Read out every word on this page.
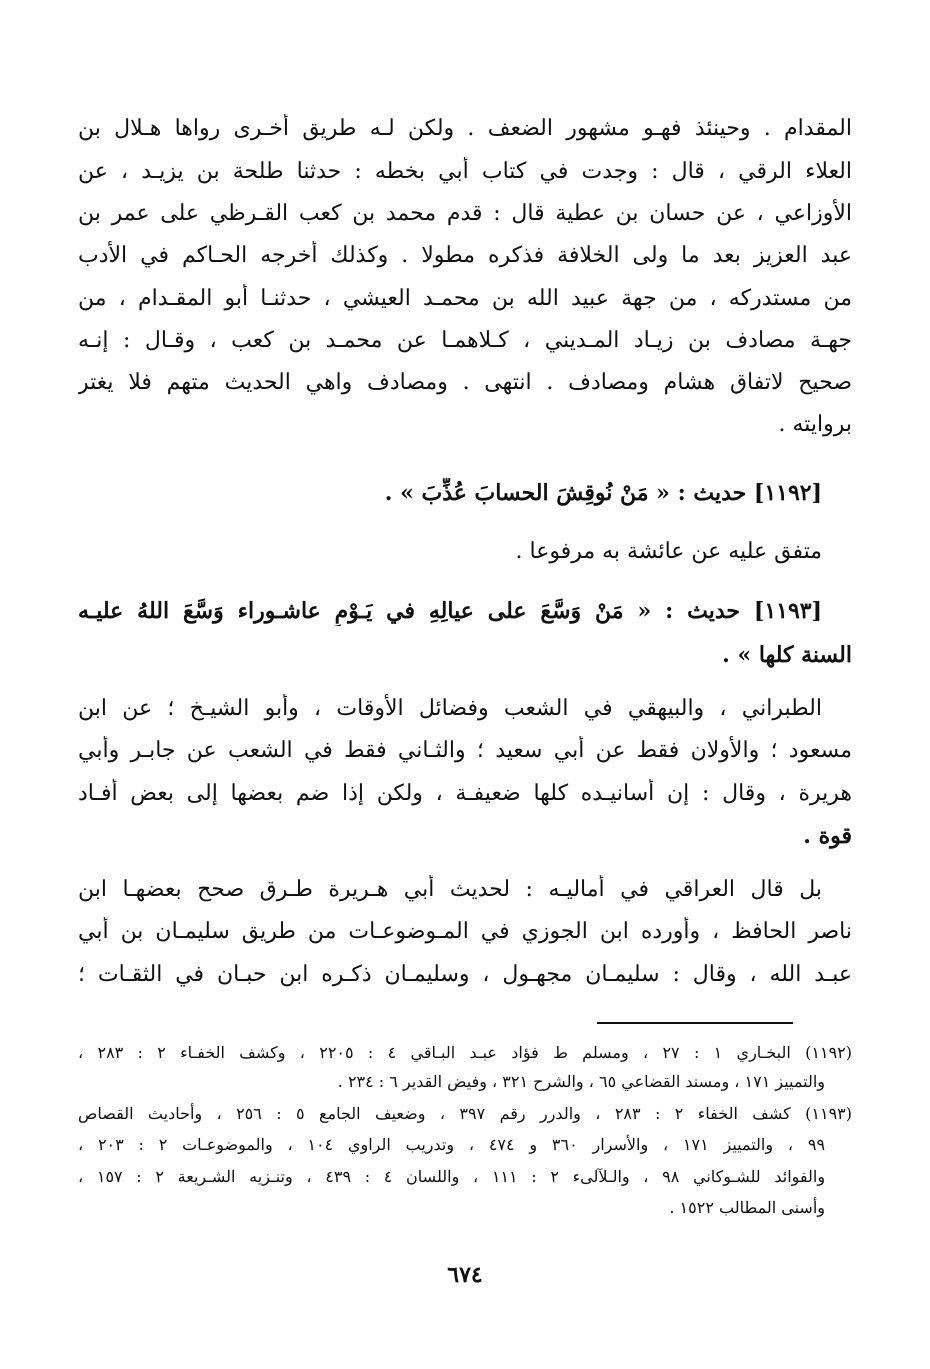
المقدام . وحينئذ فهـو مشهور الضعف . ولكن لـه طريق أخـرى رواها هـلال بن
العلاء الرقي ، قال : وجدت في كتاب أبي بخطه : حدثنا طلحة بن يزيـد ، عن
الأوزاعي ، عن حسان بن عطية قال : قدم محمد بن كعب القـرظي على عمر بن
عبد العزيز بعد ما ولى الخلافة فذكره مطولا . وكذلك أخرجه الحـاكم في الأدب
من مستدركه ، من جهة عبيد الله بن محمـد العيشي ، حدثنـا أبو المقـدام ، من
جهـة مصادف بن زيـاد المـديني ، كـلاهمـا عن محمـد بن كعب ، وقـال : إنـه
صحيح لاتفاق هشام ومصادف . انتهى . ومصادف واهي الحديث متهم فلا يغتر
بروايته .
[١١٩٢] حديث : « مَنْ نُوقِشَ الحسابَ عُذِّبَ » .
متفق عليه عن عائشة به مرفوعا .
[١١٩٣] حديث : « مَنْ وَسَّعَ على عيالِهِ في يَـوْمِ عاشـوراء وَسَّعَ اللهُ عليـه
السنة كلها » .
الطبراني ، والبيهقي في الشعب وفضائل الأوقات ، وأبو الشيـخ ؛ عن ابن
مسعود ؛ والأولان فقط عن أبي سعيد ؛ والثـاني فقط في الشعب عن جابـر وأبي
هريرة ، وقال : إن أسانيـده كلها ضعيفـة ، ولكن إذا ضم بعضها إلى بعض أفـاد
قوة .
بل قال العراقي في أماليـه : لحديث أبي هـريرة طـرق صحح بعضهـا ابن
ناصر الحافظ ، وأورده ابن الجوزي في المـوضوعـات من طريق سليمـان بن أبي
عبـد الله ، وقال : سليمـان مجهـول ، وسليمـان ذكـره ابن حبـان في الثقـات ؛
(١١٩٢) البخـاري ١ : ٢٧ ، ومسلم ط فؤاد عبـد البـاقي ٤ : ٢٢٠٥ ، وكشف الخفـاء ٢ : ٢٨٣ ،
والتمييز ١٧١ ، ومسند القضاعي ٦٥ ، والشرح ٣٢١ ، وفيض القدير ٦ : ٢٣٤ .
(١١٩٣) كشف الخفاء ٢ : ٢٨٣ ، والدرر رقم ٣٩٧ ، وضعيف الجامع ٥ : ٢٥٦ ، وأحاديث القصاص
٩٩ ، والتمييز ١٧١ ، والأسرار ٣٦٠ و ٤٧٤ ، وتدريب الراوي ١٠٤ ، والموضوعـات ٢ : ٢٠٣ ،
والفوائد للشـوكاني ٩٨ ، والـلآلىء ٢ : ١١١ ، واللسان ٤ : ٤٣٩ ، وتنـزيه الشـريعة ٢ : ١٥٧ ،
وأسنى المطالب ١٥٢٢ .
٦٧٤
